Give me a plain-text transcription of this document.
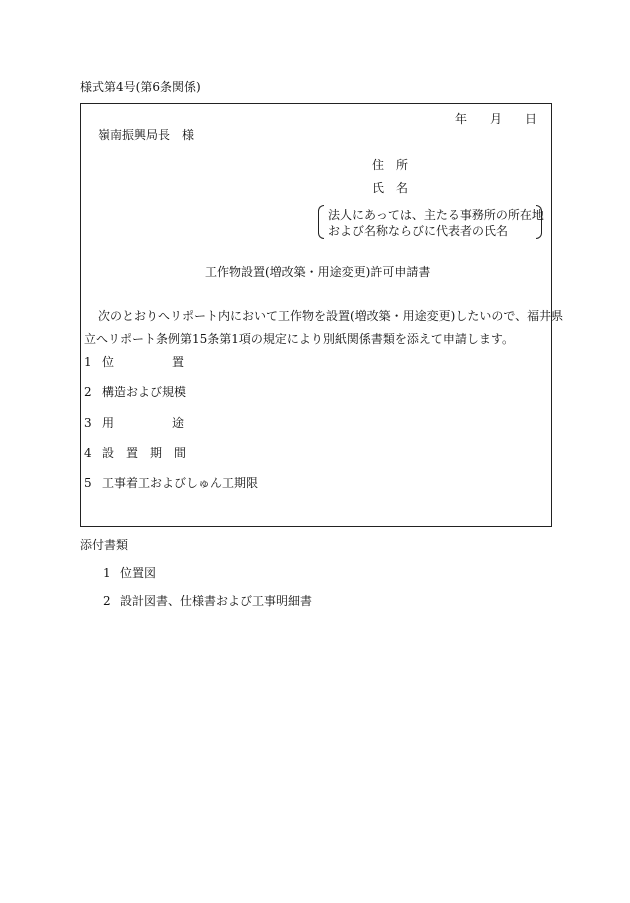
様式第4号(第6条関係)
年 月 日
嶺南振興局長　様
住　所
氏　名
法人にあっては、主たる事務所の所在地
および名称ならびに代表者の氏名
工作物設置(増改築・用途変更)許可申請書
次のとおりへリポート内において工作物を設置(増改築・用途変更)したいので、福井県
立へリポート条例第15条第1項の規定により別紙関係書類を添えて申請します。
1 位	置
2 構造および規模
3 用	途
4 設　置　期　間
5 工事着工およびしゅん工期限
添付書類
1 位置図
2 設計図書、仕様書および工事明細書
